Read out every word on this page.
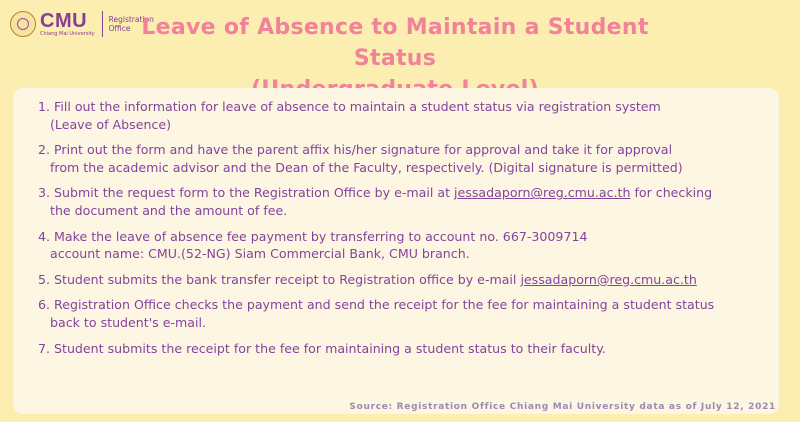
CMU
Chiang Mai University
Registration
Office Leave of Absence to Maintain a Student Status
1. Fill out the information for leave of absence to maintain a student status via registration system
(Leave of Absence)
2. Print out the form and have the parent affix his/her signature for approval and take it for approval
from the academic advisor and the Dean of the Faculty, respectively. (Digital signature is permitted)
3. Submit the request form to the Registration Office by e-mail at jessadaporn@reg.cmu.ac.th for checking
the document and the amount of fee.
4. Make the leave of absence fee payment by transferring to account no. 667-3009714
account name: CMU.(52-NG) Siam Commercial Bank, CMU branch.
5. Student submits the bank transfer receipt to Registration office by e-mail jessadaporn@reg.cmu.ac.th
6. Registration Office checks the payment and send the receipt for the fee for maintaining a student status
back to student's e-mail.
7. Student submits the receipt for the fee for maintaining a student status to their faculty.
Source: Registration Office Chiang Mai University data as of July 12, 2021
